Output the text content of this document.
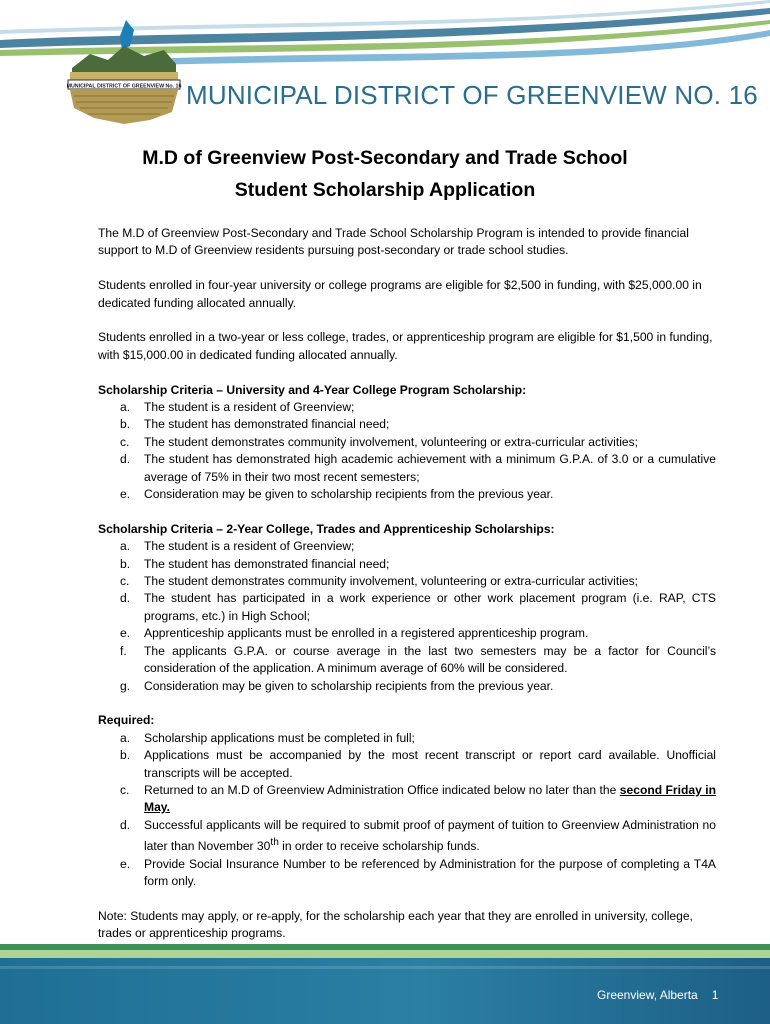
MUNICIPAL DISTRICT OF GREENVIEW No. 16 MUNICIPAL DISTRICT OF GREENVIEW NO. 16
M.D of Greenview Post-Secondary and Trade School
Student Scholarship Application

The M.D of Greenview Post-Secondary and Trade School Scholarship Program is intended to provide financial support to M.D of Greenview residents pursuing post-secondary or trade school studies.

Students enrolled in four-year university or college programs are eligible for $2,500 in funding, with $25,000.00 in dedicated funding allocated annually.

Students enrolled in a two-year or less college, trades, or apprenticeship program are eligible for $1,500 in funding, with $15,000.00 in dedicated funding allocated annually.

Scholarship Criteria – University and 4-Year College Program Scholarship:
a.	The student is a resident of Greenview;
b.	The student has demonstrated financial need;
c.	The student demonstrates community involvement, volunteering or extra-curricular activities;
d.	The student has demonstrated high academic achievement with a minimum G.P.A. of 3.0 or a cumulative average of 75% in their two most recent semesters;
e.	Consideration may be given to scholarship recipients from the previous year.
Scholarship Criteria – 2-Year College, Trades and Apprenticeship Scholarships:
a.	The student is a resident of Greenview;
b.	The student has demonstrated financial need;
c.	The student demonstrates community involvement, volunteering or extra-curricular activities;
d.	The student has participated in a work experience or other work placement program (i.e. RAP, CTS programs, etc.) in High School;
e.	Apprenticeship applicants must be enrolled in a registered apprenticeship program.
f.	The applicants G.P.A. or course average in the last two semesters may be a factor for Council’s consideration of the application. A minimum average of 60% will be considered.
g.	Consideration may be given to scholarship recipients from the previous year.
Required:
a.	Scholarship applications must be completed in full;
b.	Applications must be accompanied by the most recent transcript or report card available. Unofficial transcripts will be accepted.
c.	Returned to an M.D of Greenview Administration Office indicated below no later than the second Friday in May.
d.	Successful applicants will be required to submit proof of payment of tuition to Greenview Administration no later than November 30th in order to receive scholarship funds.
e.	Provide Social Insurance Number to be referenced by Administration for the purpose of completing a T4A form only.

Note: Students may apply, or re-apply, for the scholarship each year that they are enrolled in university, college, trades or apprenticeship programs.

Greenview, Alberta 1
